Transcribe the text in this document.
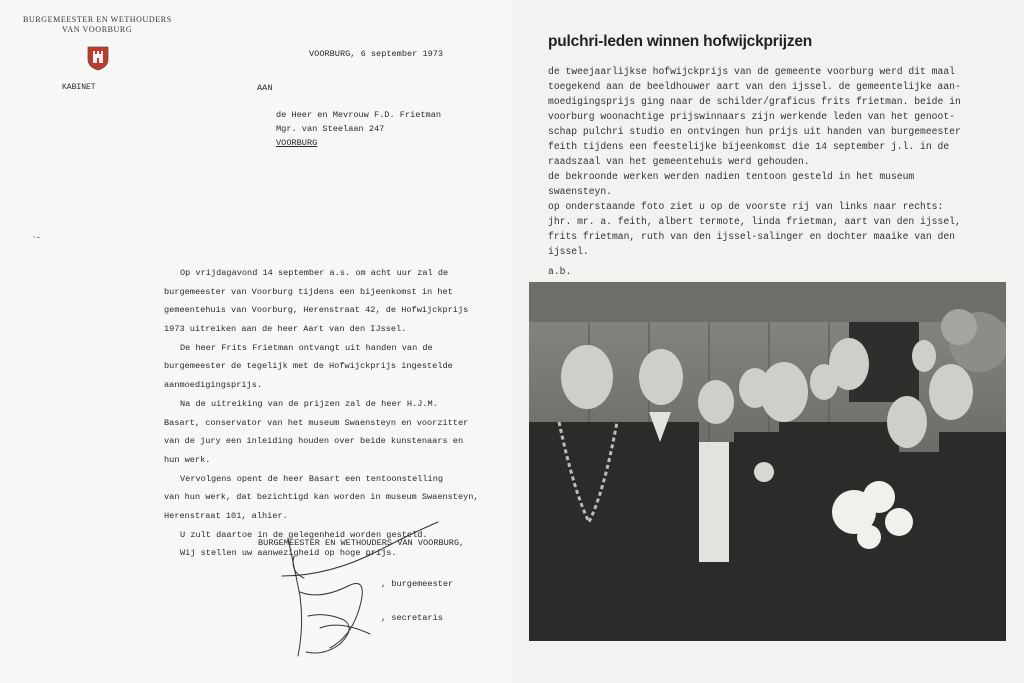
BURGEMEESTER EN WETHOUDERS
VAN VOORBURG
KABINET
VOORBURG, 6 september 1973
AAN
de Heer en Mevrouw F.D. Frietman
Mgr. van Steelaan 247
VOORBURG
·–
Op vrijdagavond 14 september a.s. om acht uur zal de
burgemeester van Voorburg tijdens een bijeenkomst in het
gemeentehuis van Voorburg, Herenstraat 42, de Hofwijckprijs
1973 uitreiken aan de heer Aart van den IJssel.
De heer Frits Frietman ontvangt uit handen van de
burgemeester de tegelijk met de Hofwijckprijs ingestelde
aanmoedigingsprijs.
Na de uitreiking van de prijzen zal de heer H.J.M.
Basart, conservator van het museum Swaensteyn en voorzitter
van de jury een inleiding houden over beide kunstenaars en
hun werk.
Vervolgens opent de heer Basart een tentoonstelling
van hun werk, dat bezichtigd kan worden in museum Swaensteyn,
Herenstraat 101, alhier.
U zult daartoe in de gelegenheid worden gesteld.
Wij stellen uw aanwezigheid op hoge prijs.
BURGEMEESTER EN WETHOUDERS VAN VOORBURG,
, burgemeester
, secretaris
pulchri-leden winnen hofwijckprijzen
de tweejaarlijkse hofwijckprijs van de gemeente voorburg werd dit maal
toegekend aan de beeldhouwer aart van den ijssel. de gemeentelijke aan-
moedigingsprijs ging naar de schilder/graficus frits frietman. beide in
voorburg woonachtige prijswinnaars zijn werkende leden van het genoot-
schap pulchri studio en ontvingen hun prijs uit handen van burgemeester
feith tijdens een feestelijke bijeenkomst die 14 september j.l. in de
raadszaal van het gemeentehuis werd gehouden.
de bekroonde werken werden nadien tentoon gesteld in het museum
swaensteyn.
op onderstaande foto ziet u op de voorste rij van links naar rechts:
jhr. mr. a. feith, albert termote, linda frietman, aart van den ijssel,
frits frietman, ruth van den ijssel-salinger en dochter maaike van den
ijssel.
a.b.
